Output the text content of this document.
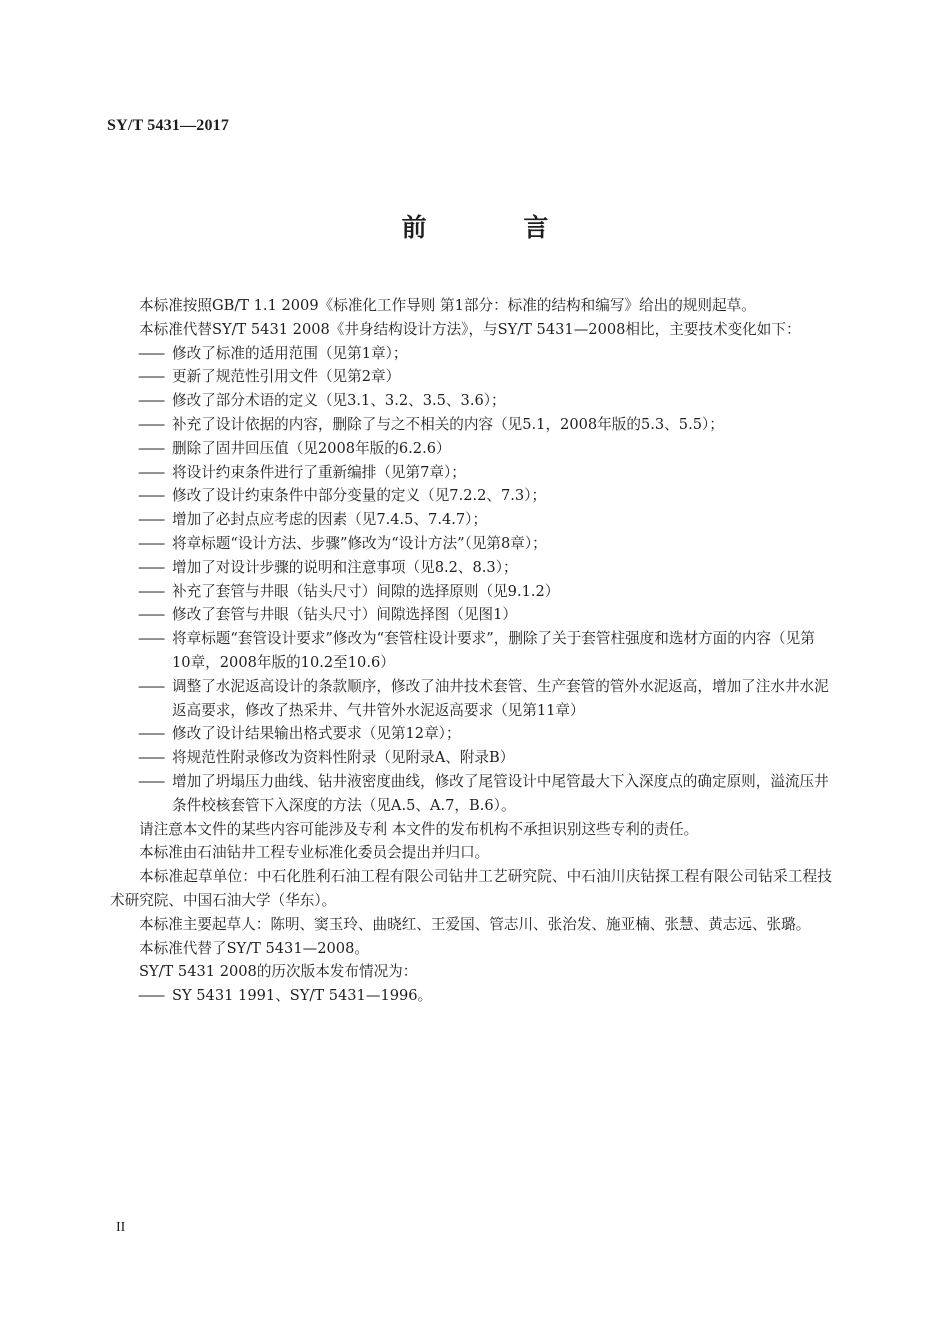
SY/T 5431—2017
前 言
本标准按照GB/T 1.1 2009《标准化工作导则 第1部分：标准的结构和编写》给出的规则起草。
本标准代替SY/T 5431 2008《井身结构设计方法》，与SY/T 5431—2008相比，主要技术变化如下：
—— 修改了标准的适用范围（见第1章）；
—— 更新了规范性引用文件（见第2章）
—— 修改了部分术语的定义（见3.1、3.2、3.5、3.6）；
—— 补充了设计依据的内容，删除了与之不相关的内容（见5.1，2008年版的5.3、5.5）；
—— 删除了固井回压值（见2008年版的6.2.6）
—— 将设计约束条件进行了重新编排（见第7章）；
—— 修改了设计约束条件中部分变量的定义（见7.2.2、7.3）；
—— 增加了必封点应考虑的因素（见7.4.5、7.4.7）；
—— 将章标题“设计方法、步骤”修改为“设计方法”（见第8章）；
—— 增加了对设计步骤的说明和注意事项（见8.2、8.3）；
—— 补充了套管与井眼（钻头尺寸）间隙的选择原则（见9.1.2）
—— 修改了套管与井眼（钻头尺寸）间隙选择图（见图1）
—— 将章标题“套管设计要求”修改为“套管柱设计要求”，删除了关于套管柱强度和选材方面的内容（见第10章，2008年版的10.2至10.6）
—— 调整了水泥返高设计的条款顺序，修改了油井技术套管、生产套管的管外水泥返高，增加了注水井水泥返高要求，修改了热采井、气井管外水泥返高要求（见第11章）
—— 修改了设计结果输出格式要求（见第12章）；
—— 将规范性附录修改为资料性附录（见附录A、附录B）
—— 增加了坍塌压力曲线、钻井液密度曲线，修改了尾管设计中尾管最大下入深度点的确定原则，溢流压井条件校核套管下入深度的方法（见A.5、A.7，B.6）。
请注意本文件的某些内容可能涉及专利 本文件的发布机构不承担识别这些专利的责任。
本标准由石油钻井工程专业标准化委员会提出并归口。
本标准起草单位：中石化胜利石油工程有限公司钻井工艺研究院、中石油川庆钻探工程有限公司钻采工程技术研究院、中国石油大学（华东）。
本标准主要起草人：陈明、窦玉玲、曲晓红、王爱国、管志川、张治发、施亚楠、张慧、黄志远、张璐。
本标准代替了SY/T 5431—2008。
SY/T 5431 2008的历次版本发布情况为：
—— SY 5431 1991、SY/T 5431—1996。
II
